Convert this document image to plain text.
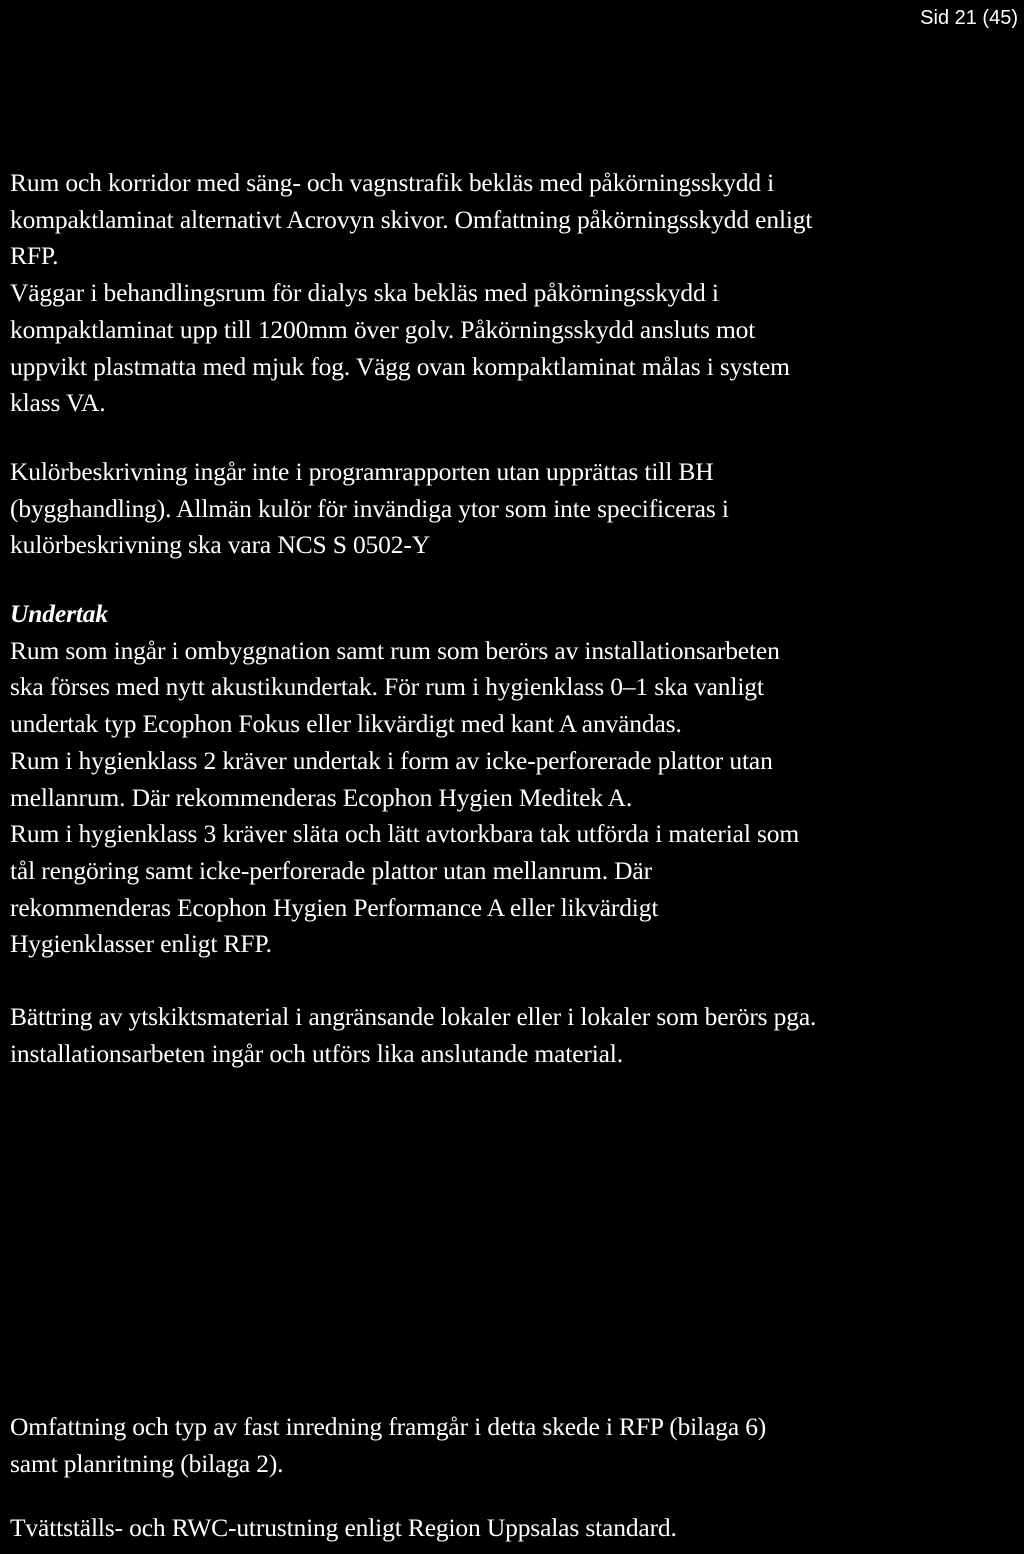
Sid 21 (45)
Rum och korridor med säng- och vagnstrafik bekläs med påkörningsskydd i
kompaktlaminat alternativt Acrovyn skivor. Omfattning påkörningsskydd enligt
RFP.
Väggar i behandlingsrum för dialys ska bekläs med påkörningsskydd i
kompaktlaminat upp till 1200mm över golv. Påkörningsskydd ansluts mot
uppvikt plastmatta med mjuk fog. Vägg ovan kompaktlaminat målas i system
klass VA.
Kulörbeskrivning ingår inte i programrapporten utan upprättas till BH
(bygghandling). Allmän kulör för invändiga ytor som inte specificeras i
kulörbeskrivning ska vara NCS S 0502-Y
Undertak
Rum som ingår i ombyggnation samt rum som berörs av installationsarbeten
ska förses med nytt akustikundertak. För rum i hygienklass 0–1 ska vanligt
undertak typ Ecophon Fokus eller likvärdigt med kant A användas.
Rum i hygienklass 2 kräver undertak i form av icke-perforerade plattor utan
mellanrum. Där rekommenderas Ecophon Hygien Meditek A.
Rum i hygienklass 3 kräver släta och lätt avtorkbara tak utförda i material som
tål rengöring samt icke-perforerade plattor utan mellanrum. Där
rekommenderas Ecophon Hygien Performance A eller likvärdigt
Hygienklasser enligt RFP.
Bättring av ytskiktsmaterial i angränsande lokaler eller i lokaler som berörs pga.
installationsarbeten ingår och utförs lika anslutande material.
Omfattning och typ av fast inredning framgår i detta skede i RFP (bilaga 6)
samt planritning (bilaga 2).
Tvättställs- och RWC-utrustning enligt Region Uppsalas standard.
